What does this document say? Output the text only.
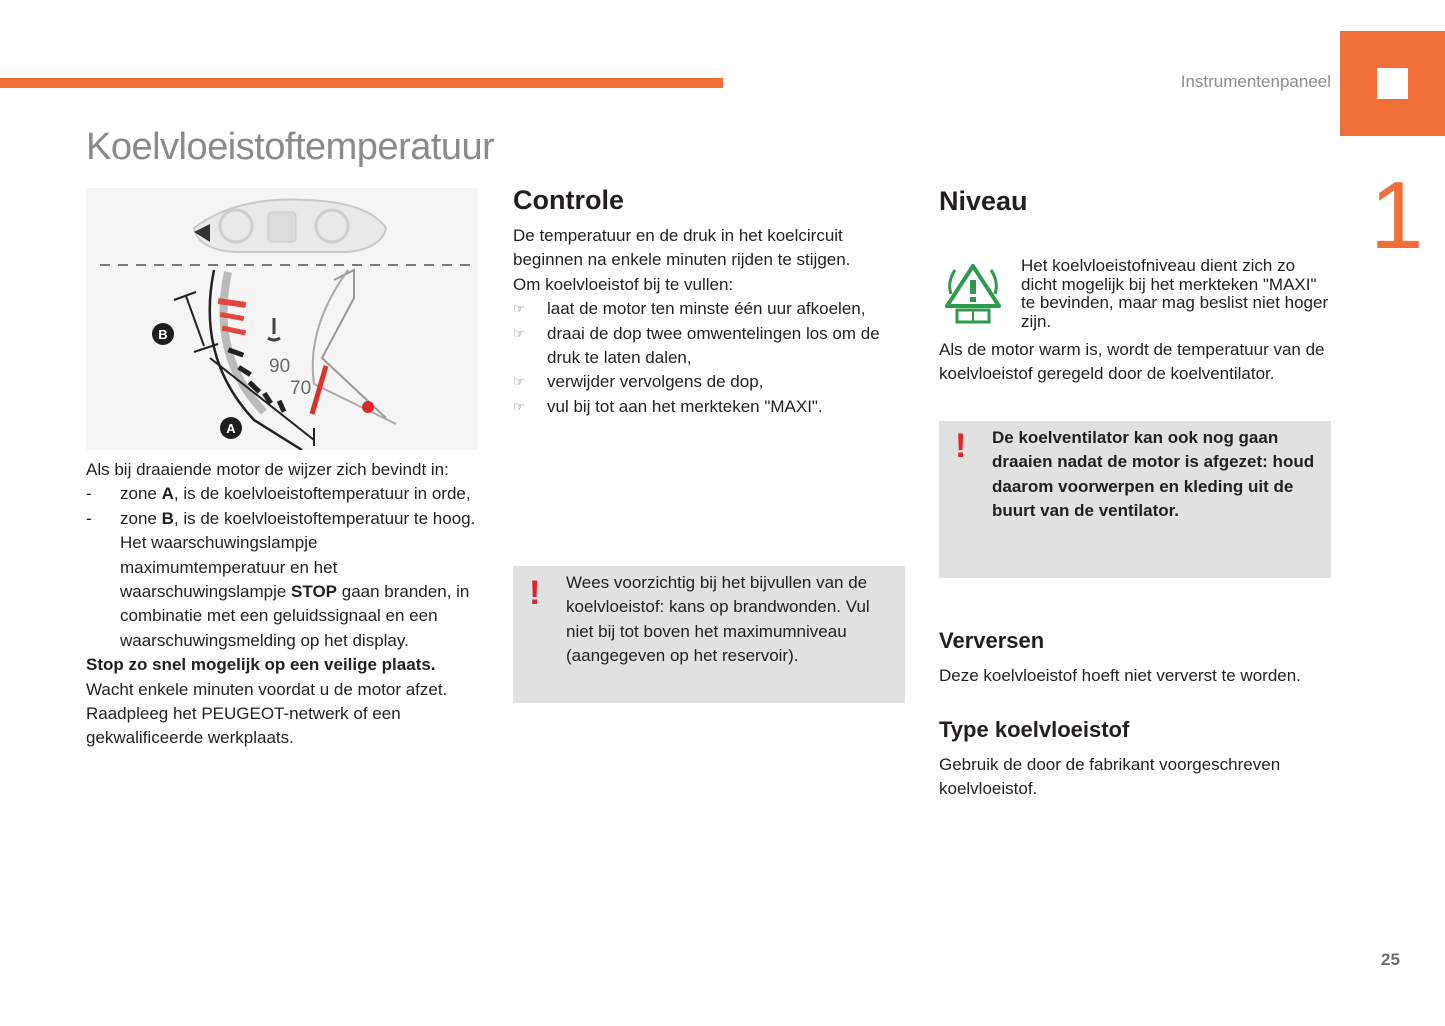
Instrumentenpaneel
1
Koelvloeistoftemperatuur
90
70
B
A

Als bij draaiende motor de wijzer zich bevindt in:

-	zone A, is de koelvloeistoftemperatuur in orde,
-	zone B, is de koelvloeistoftemperatuur te hoog. Het waarschuwingslampje maximumtemperatuur en het waarschuwingslampje STOP gaan branden, in combinatie met een geluidssignaal en een waarschuwingsmelding op het display.

Stop zo snel mogelijk op een veilige plaats.

Wacht enkele minuten voordat u de motor afzet. Raadpleeg het PEUGEOT-netwerk of een gekwalificeerde werkplaats.

Controle

De temperatuur en de druk in het koelcircuit beginnen na enkele minuten rijden te stijgen.

Om koelvloeistof bij te vullen:

☞	laat de motor ten minste één uur afkoelen,
☞	draai de dop twee omwentelingen los om de druk te laten dalen,
☞	verwijder vervolgens de dop,
☞	vul bij tot aan het merkteken "MAXI".
! Wees voorzichtig bij het bijvullen van de koelvloeistof: kans op brandwonden. Vul niet bij tot boven het maximumniveau (aangegeven op het reservoir).
Niveau
Het koelvloeistofniveau dient zich zo dicht mogelijk bij het merkteken "MAXI" te bevinden, maar mag beslist niet hoger zijn.
Als de motor warm is, wordt de temperatuur van de koelvloeistof geregeld door de koelventilator.
! De koelventilator kan ook nog gaan draaien nadat de motor is afgezet: houd daarom voorwerpen en kleding uit de buurt van de ventilator.
Verversen
Deze koelvloeistof hoeft niet ververst te worden.
Type koelvloeistof
Gebruik de door de fabrikant voorgeschreven koelvloeistof.
25
